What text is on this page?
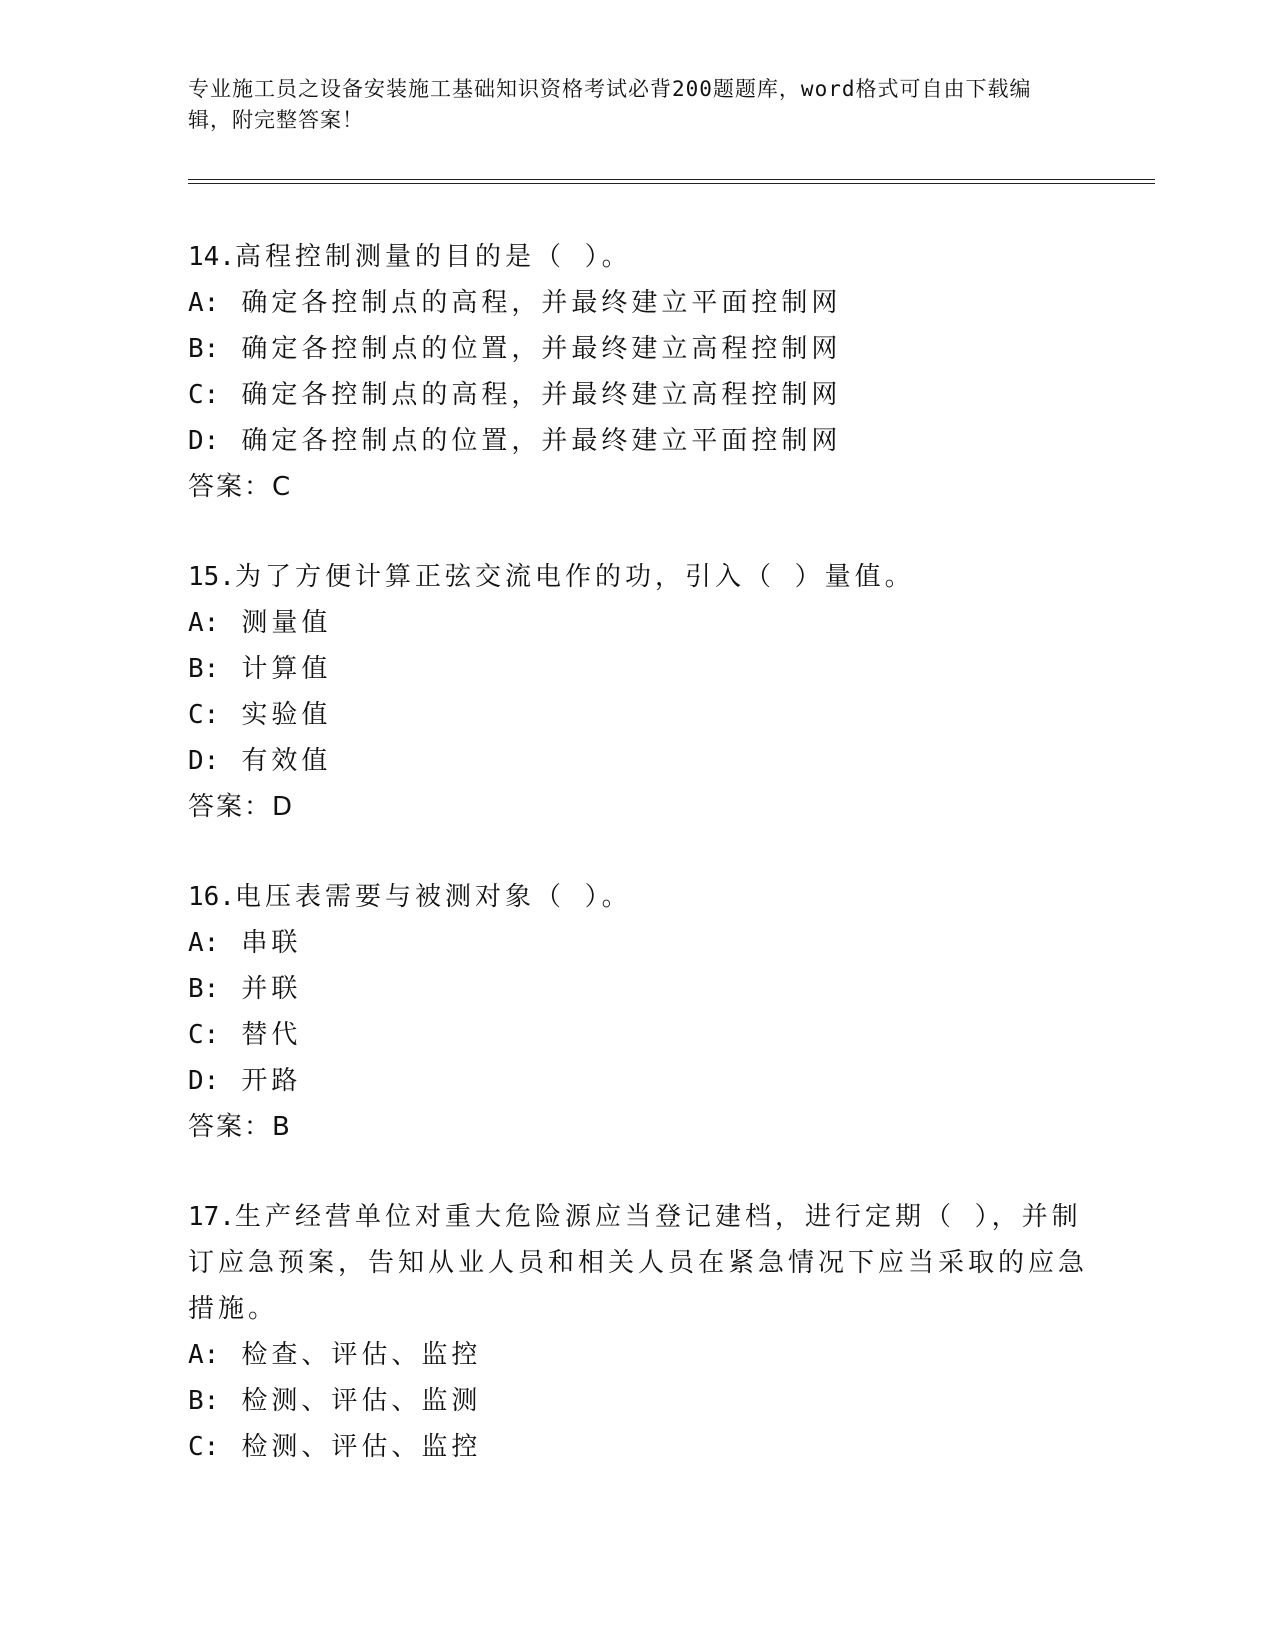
专业施工员之设备安装施工基础知识资格考试必背200题题库，word格式可自由下载编辑，附完整答案！
14.高程控制测量的目的是（ ）。
A: 确定各控制点的高程，并最终建立平面控制网
B: 确定各控制点的位置，并最终建立高程控制网
C: 确定各控制点的高程，并最终建立高程控制网
D: 确定各控制点的位置，并最终建立平面控制网
答案：C
15.为了方便计算正弦交流电作的功，引入（ ）量值。
A: 测量值
B: 计算值
C: 实验值
D: 有效值
答案：D
16.电压表需要与被测对象（ ）。
A: 串联
B: 并联
C: 替代
D: 开路
答案：B
17.生产经营单位对重大危险源应当登记建档，进行定期（ ），并制订应急预案，告知从业人员和相关人员在紧急情况下应当采取的应急措施。
A: 检查、评估、监控
B: 检测、评估、监测
C: 检测、评估、监控
